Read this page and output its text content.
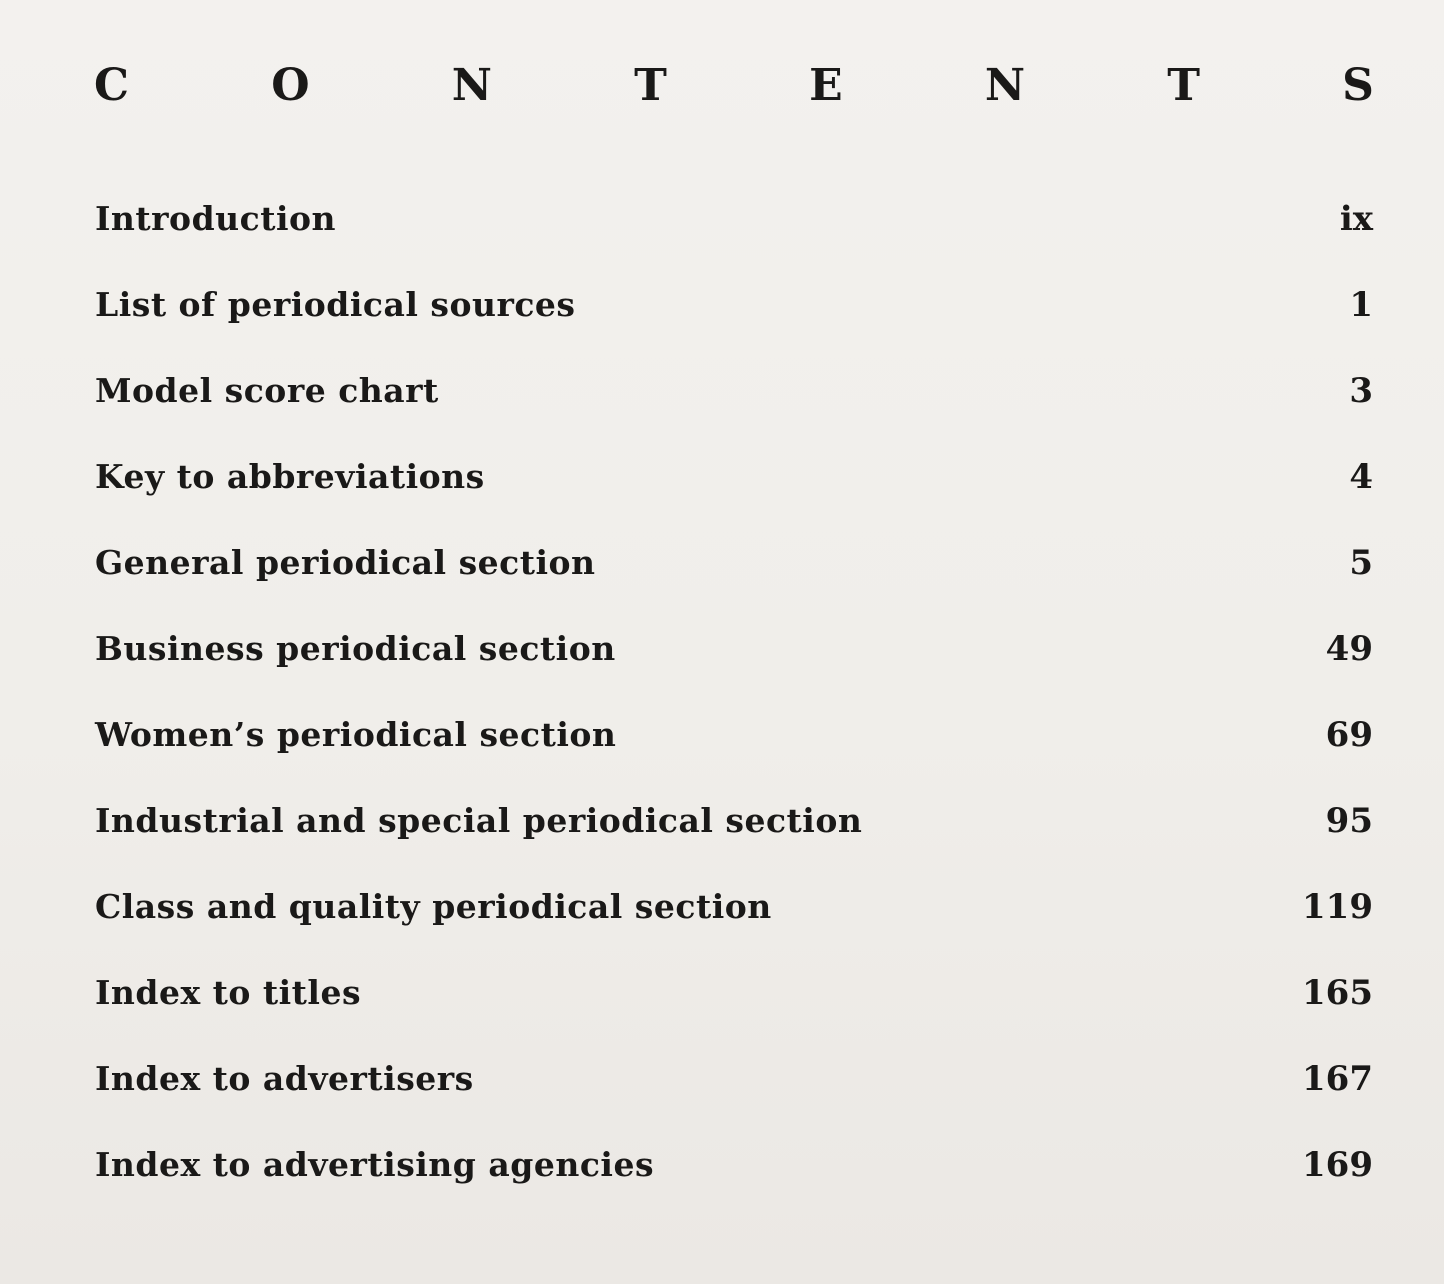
C	O	N	T	E	N	T	S
Introduction	ix
List of periodical sources	1
Model score chart	3
Key to abbreviations	4
General periodical section	5
Business periodical section	49
Women’s periodical section	69
Industrial and special periodical section	95
Class and quality periodical section	119
Index to titles	165
Index to advertisers	167
Index to advertising agencies	169
